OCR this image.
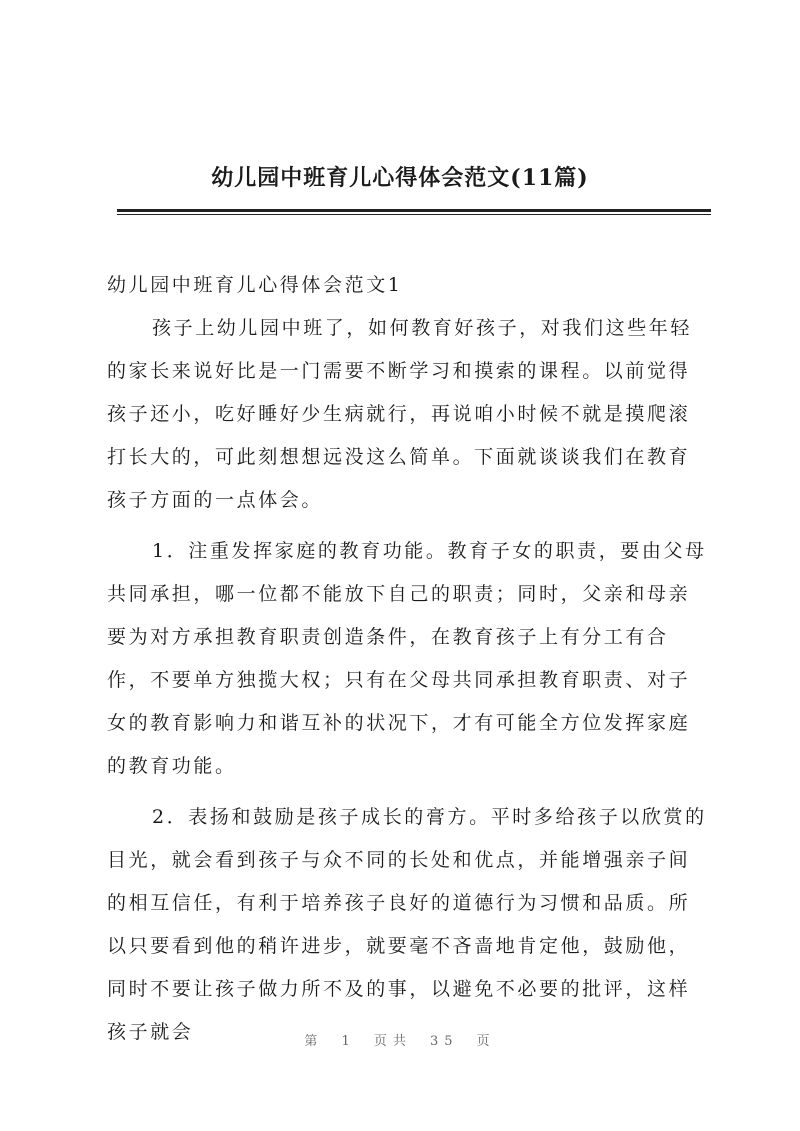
幼儿园中班育儿心得体会范文(11篇)

幼儿园中班育儿心得体会范文1

孩子上幼儿园中班了，如何教育好孩子，对我们这些年轻的家长来说好比是一门需要不断学习和摸索的课程。以前觉得孩子还小，吃好睡好少生病就行，再说咱小时候不就是摸爬滚打长大的，可此刻想想远没这么简单。下面就谈谈我们在教育孩子方面的一点体会。

1．注重发挥家庭的教育功能。教育子女的职责，要由父母共同承担，哪一位都不能放下自己的职责；同时，父亲和母亲要为对方承担教育职责创造条件，在教育孩子上有分工有合作，不要单方独揽大权；只有在父母共同承担教育职责、对子女的教育影响力和谐互补的状况下，才有可能全方位发挥家庭的教育功能。

2．表扬和鼓励是孩子成长的膏方。平时多给孩子以欣赏的目光，就会看到孩子与众不同的长处和优点，并能增强亲子间的相互信任，有利于培养孩子良好的道德行为习惯和品质。所以只要看到他的稍许进步，就要毫不吝啬地肯定他，鼓励他，同时不要让孩子做力所不及的事，以避免不必要的批评，这样孩子就会	第 1 页共 35 页
